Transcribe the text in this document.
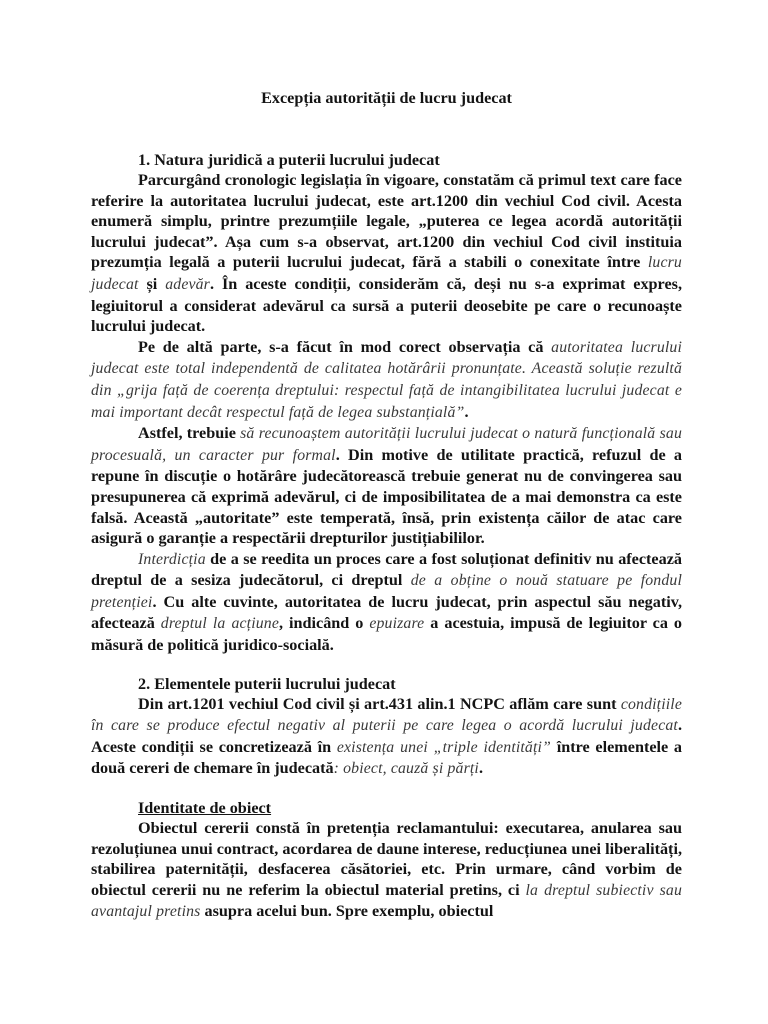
Excepția autorității de lucru judecat
1. Natura juridică a puterii lucrului judecat

Parcurgând cronologic legislația în vigoare, constatăm că primul text care face referire la autoritatea lucrului judecat, este art.1200 din vechiul Cod civil. Acesta enumeră simplu, printre prezumțiile legale, „puterea ce legea acordă autorității lucrului judecat”. Așa cum s-a observat, art.1200 din vechiul Cod civil instituia prezumția legală a puterii lucrului judecat, fără a stabili o conexitate între lucru judecat și adevăr. În aceste condiții, considerăm că, deși nu s-a exprimat expres, legiuitorul a considerat adevărul ca sursă a puterii deosebite pe care o recunoaște lucrului judecat.

Pe de altă parte, s-a făcut în mod corect observația că autoritatea lucrului judecat este total independentă de calitatea hotărârii pronunțate. Această soluție rezultă din „grija față de coerența dreptului: respectul față de intangibilitatea lucrului judecat e mai important decât respectul față de legea substanțială”.

Astfel, trebuie să recunoaștem autorității lucrului judecat o natură funcțională sau procesuală, un caracter pur formal. Din motive de utilitate practică, refuzul de a repune în discuție o hotărâre judecătorească trebuie generat nu de convingerea sau presupunerea că exprimă adevărul, ci de imposibilitatea de a mai demonstra ca este falsă. Această „autoritate” este temperată, însă, prin existența căilor de atac care asigură o garanție a respectării drepturilor justițiabililor.

Interdicția de a se reedita un proces care a fost soluționat definitiv nu afectează dreptul de a sesiza judecătorul, ci dreptul de a obține o nouă statuare pe fondul pretenției. Cu alte cuvinte, autoritatea de lucru judecat, prin aspectul său negativ, afectează dreptul la acțiune, indicând o epuizare a acestuia, impusă de legiuitor ca o măsură de politică juridico-socială.

2. Elementele puterii lucrului judecat

Din art.1201 vechiul Cod civil și art.431 alin.1 NCPC aflăm care sunt condițiile în care se produce efectul negativ al puterii pe care legea o acordă lucrului judecat. Aceste condiții se concretizează în existența unei „triple identități” între elementele a două cereri de chemare în judecată: obiect, cauză și părți.

Identitate de obiect

Obiectul cererii constă în pretenția reclamantului: executarea, anularea sau rezoluțiunea unui contract, acordarea de daune interese, reducțiunea unei liberalități, stabilirea paternității, desfacerea căsătoriei, etc. Prin urmare, când vorbim de obiectul cererii nu ne referim la obiectul material pretins, ci la dreptul subiectiv sau avantajul pretins asupra acelui bun. Spre exemplu, obiectul
